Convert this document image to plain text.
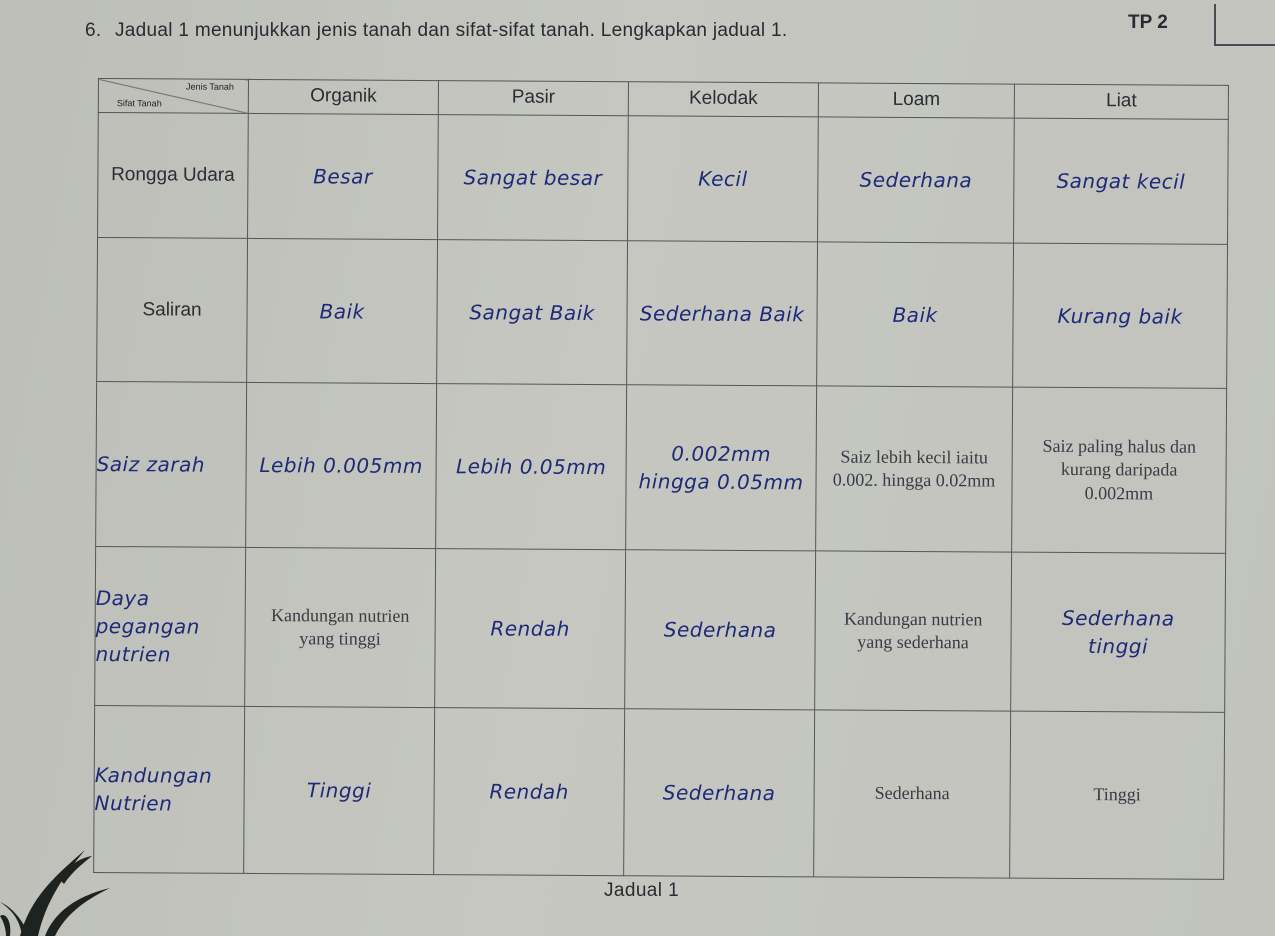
6. Jadual 1 menunjukkan jenis tanah dan sifat-sifat tanah. Lengkapkan jadual 1.	TP 2
Jenis Tanah
Sifat Tanah	Organik	Pasir	Kelodak	Loam	Liat
Rongga Udara	Besar	Sangat besar	Kecil	Sederhana	Sangat kecil
Saliran	Baik	Sangat Baik	Sederhana Baik	Baik	Kurang baik
Saiz zarah	Lebih 0.005mm	Lebih 0.05mm	0.002mm hingga 0.05mm	Saiz lebih kecil iaitu 0.002. hingga 0.02mm	Saiz paling halus dan kurang daripada 0.002mm
Daya pegangan nutrien	Kandungan nutrien yang tinggi	Rendah	Sederhana	Kandungan nutrien yang sederhana	Sederhana tinggi
Kandungan Nutrien	Tinggi	Rendah	Sederhana	Sederhana	Tinggi
Jadual 1
